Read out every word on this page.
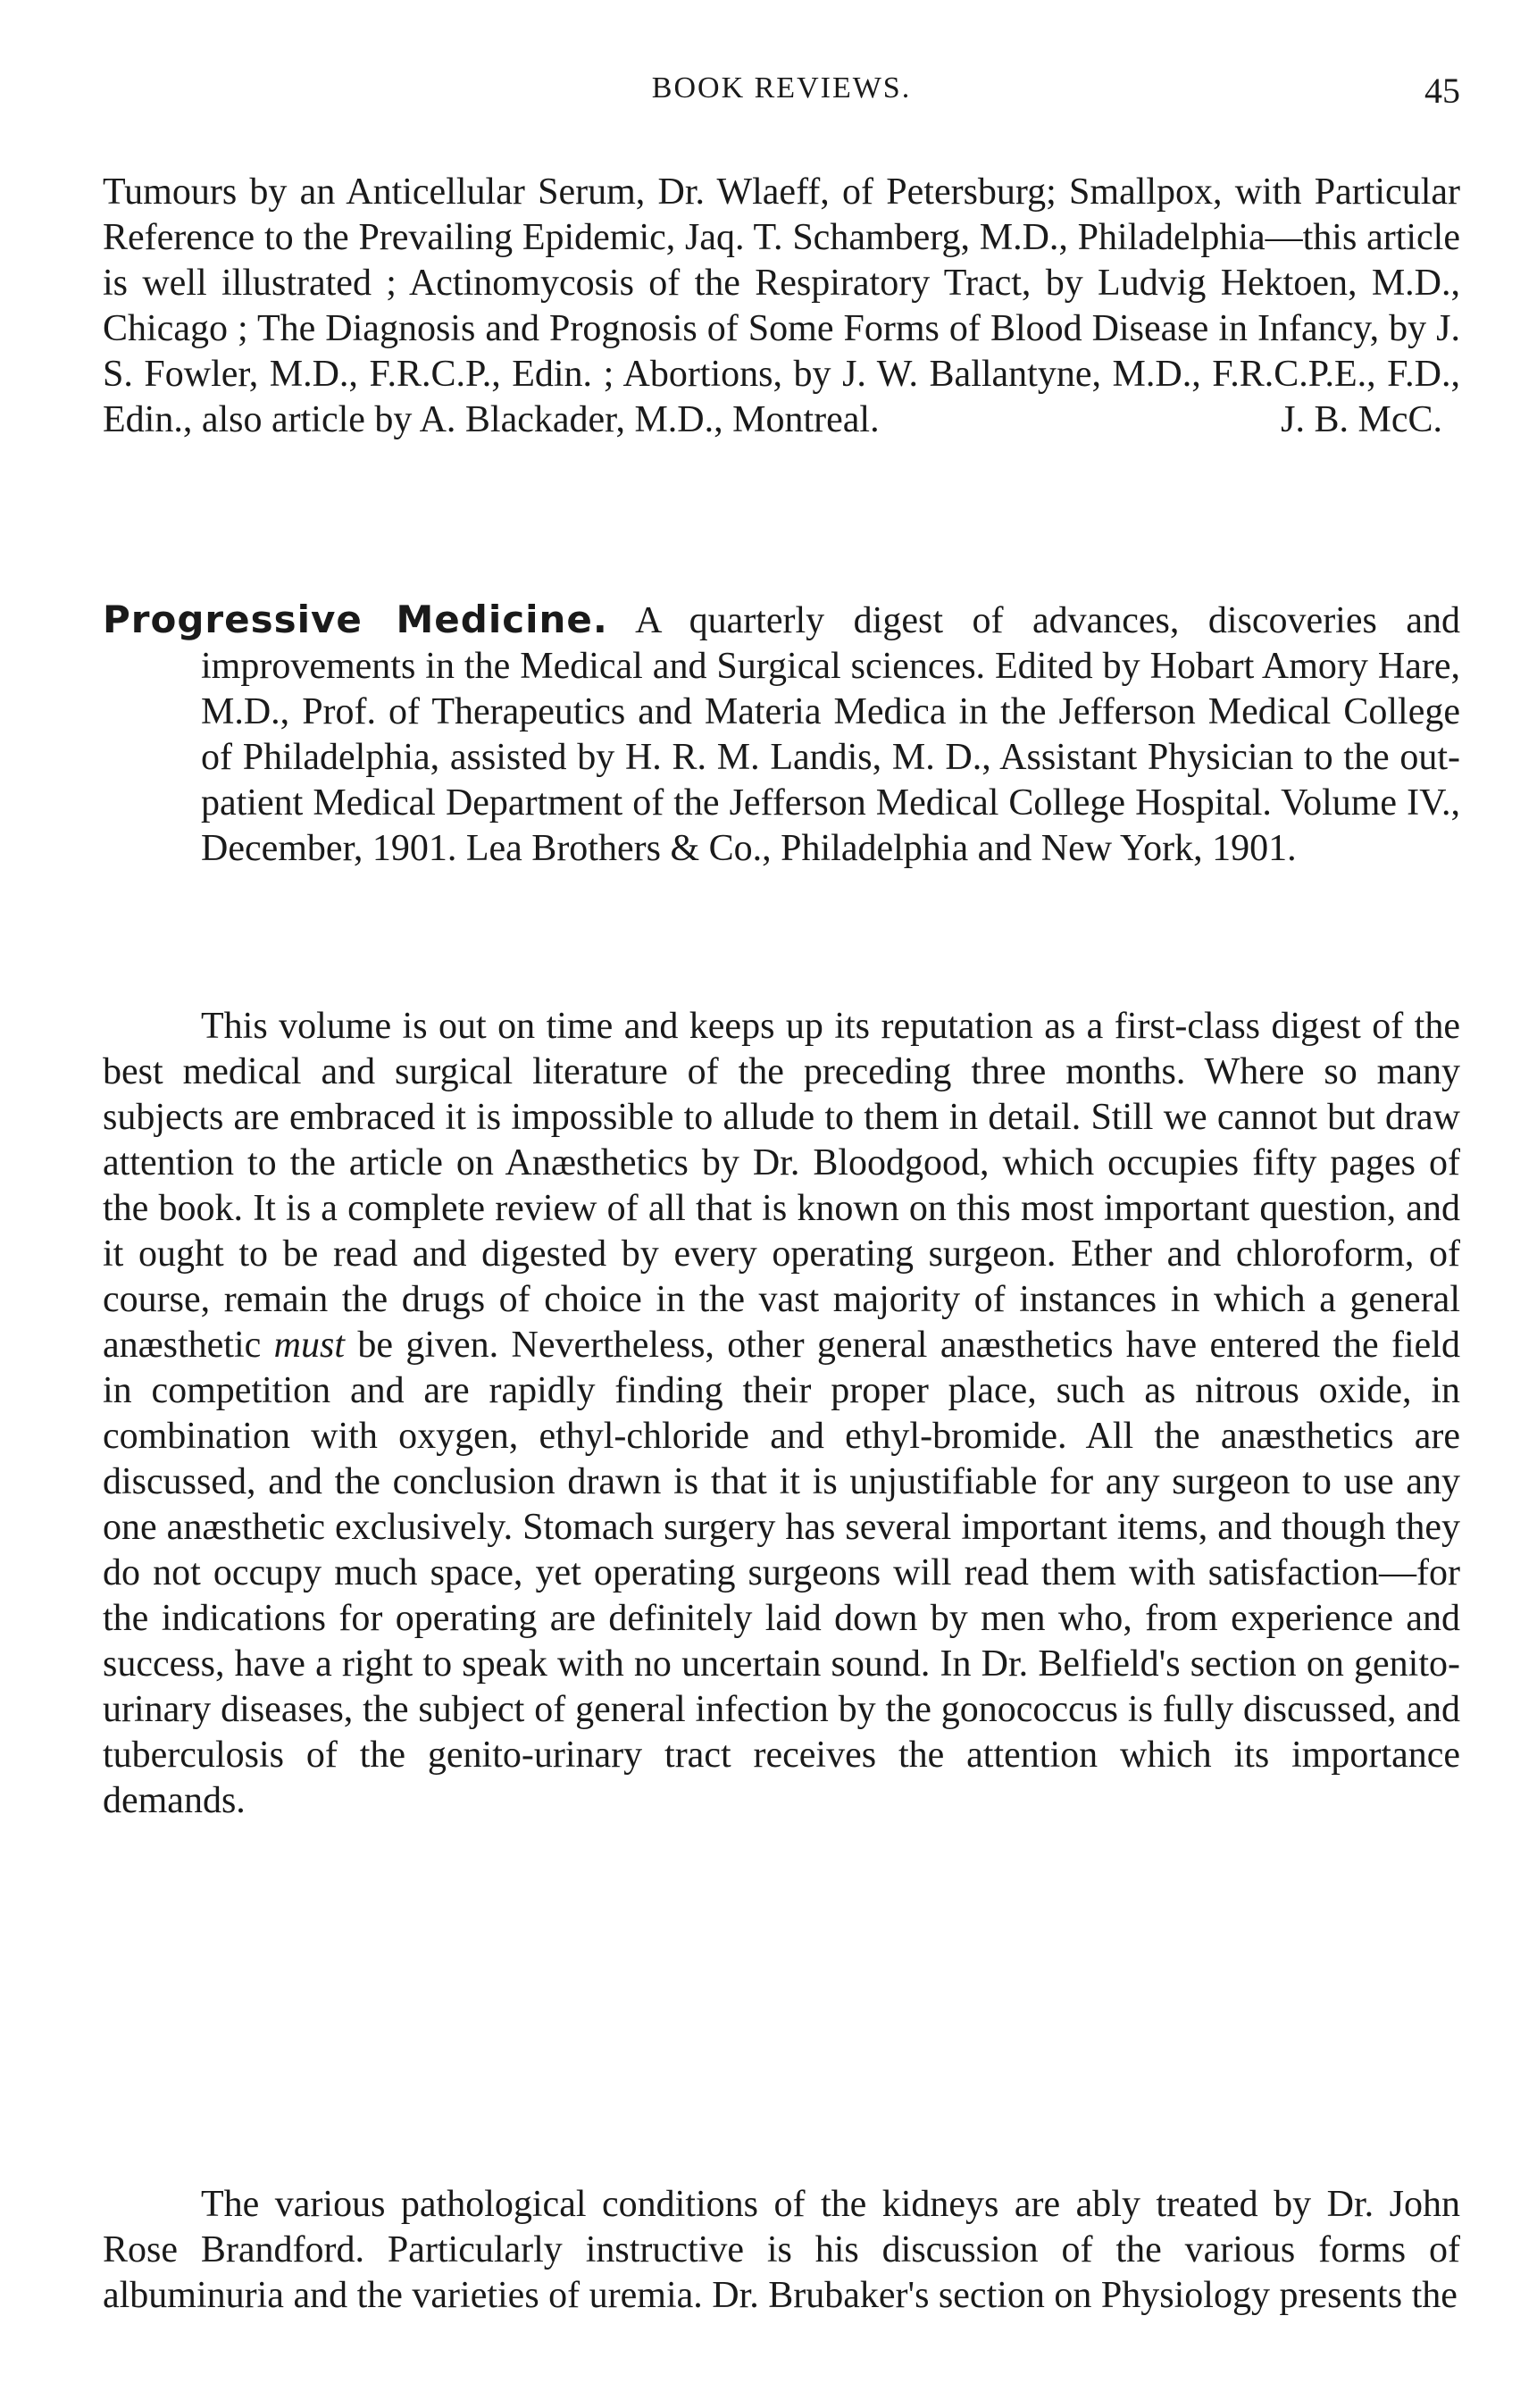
BOOK REVIEWS.	45
Tumours by an Anticellular Serum, Dr. Wlaeff, of Petersburg; Smallpox, with Particular Reference to the Prevailing Epidemic, Jaq. T. Schamberg, M.D., Philadelphia—this article is well illustrated ; Actinomycosis of the Respiratory Tract, by Ludvig Hektoen, M.D., Chicago ; The Diagnosis and Prognosis of Some Forms of Blood Disease in Infancy, by J. S. Fowler, M.D., F.R.C.P., Edin. ; Abortions, by J. W. Ballantyne, M.D., F.R.C.P.E., F.D., Edin., also article by A. Blackader, M.D., Montreal.	J. B. McC.
Progressive Medicine. A quarterly digest of advances, discoveries and improvements in the Medical and Surgical sciences. Edited by Hobart Amory Hare, M.D., Prof. of Therapeutics and Materia Medica in the Jefferson Medical College of Philadelphia, assisted by H. R. M. Landis, M. D., Assistant Physician to the out-patient Medical Department of the Jefferson Medical College Hospital. Volume IV., December, 1901. Lea Brothers & Co., Philadelphia and New York, 1901.
This volume is out on time and keeps up its reputation as a first-class digest of the best medical and surgical literature of the preceding three months. Where so many subjects are embraced it is impossible to allude to them in detail. Still we cannot but draw attention to the article on Anæsthetics by Dr. Bloodgood, which occupies fifty pages of the book. It is a complete review of all that is known on this most important question, and it ought to be read and digested by every operating surgeon. Ether and chloroform, of course, remain the drugs of choice in the vast majority of instances in which a general anæsthetic must be given. Nevertheless, other general anæsthetics have entered the field in competition and are rapidly finding their proper place, such as nitrous oxide, in combination with oxygen, ethyl-chloride and ethyl-bromide. All the anæsthetics are discussed, and the conclusion drawn is that it is unjustifiable for any surgeon to use any one anæsthetic exclusively. Stomach surgery has several important items, and though they do not occupy much space, yet operating surgeons will read them with satisfaction—for the indications for operating are definitely laid down by men who, from experience and success, have a right to speak with no uncertain sound. In Dr. Belfield's section on genito-urinary diseases, the subject of general infection by the gonococcus is fully discussed, and tuberculosis of the genito-urinary tract receives the attention which its importance demands.
The various pathological conditions of the kidneys are ably treated by Dr. John Rose Brandford. Particularly instructive is his discussion of the various forms of albuminuria and the varieties of uremia. Dr. Brubaker's section on Physiology presents the
